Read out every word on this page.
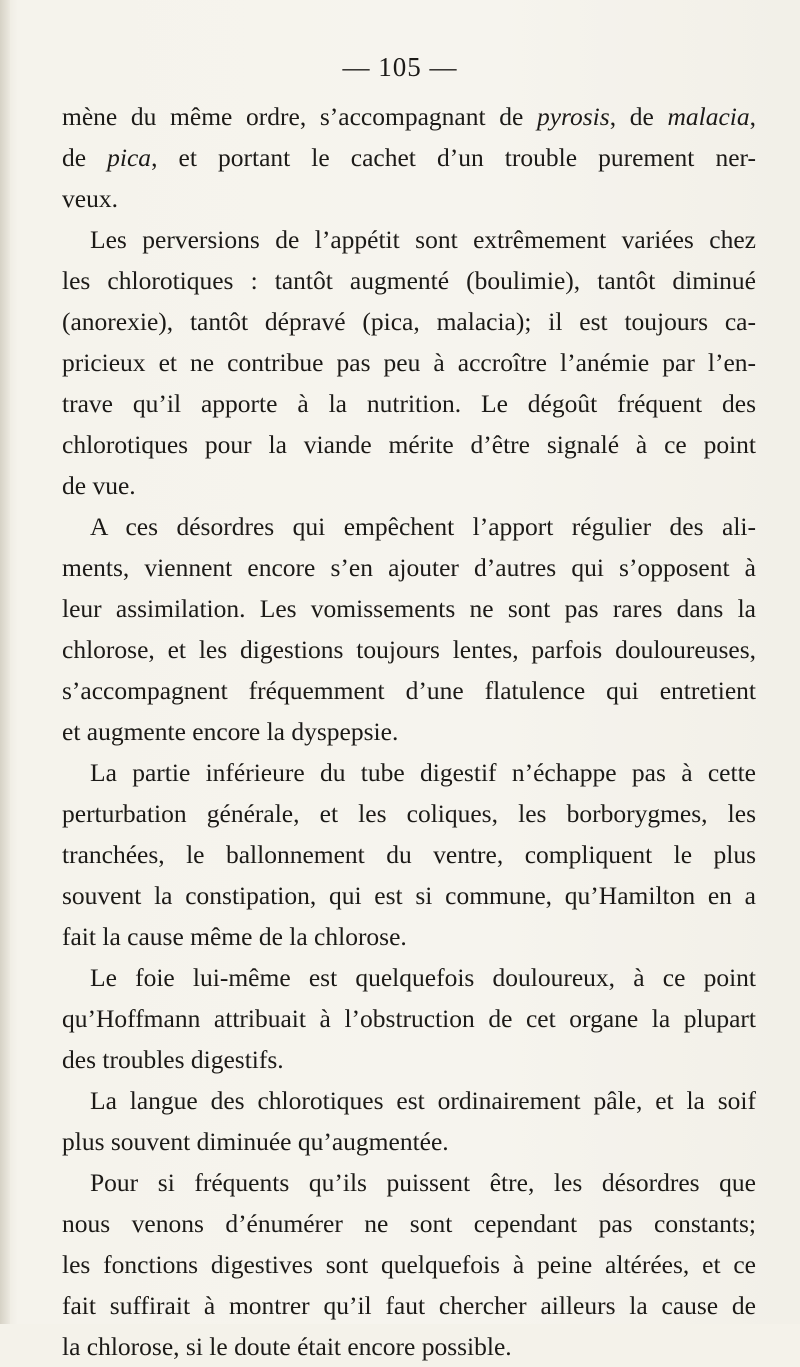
— 105 —
mène du même ordre, s’accompagnant de pyrosis, de malacia,
de pica, et portant le cachet d’un trouble purement ner-
veux.
Les perversions de l’appétit sont extrêmement variées chez
les chlorotiques : tantôt augmenté (boulimie), tantôt diminué
(anorexie), tantôt dépravé (pica, malacia); il est toujours ca-
pricieux et ne contribue pas peu à accroître l’anémie par l’en-
trave qu’il apporte à la nutrition. Le dégoût fréquent des
chlorotiques pour la viande mérite d’être signalé à ce point
de vue.
A ces désordres qui empêchent l’apport régulier des ali-
ments, viennent encore s’en ajouter d’autres qui s’opposent à
leur assimilation. Les vomissements ne sont pas rares dans la
chlorose, et les digestions toujours lentes, parfois douloureuses,
s’accompagnent fréquemment d’une flatulence qui entretient
et augmente encore la dyspepsie.
La partie inférieure du tube digestif n’échappe pas à cette
perturbation générale, et les coliques, les borborygmes, les
tranchées, le ballonnement du ventre, compliquent le plus
souvent la constipation, qui est si commune, qu’Hamilton en a
fait la cause même de la chlorose.
Le foie lui-même est quelquefois douloureux, à ce point
qu’Hoffmann attribuait à l’obstruction de cet organe la plupart
des troubles digestifs.
La langue des chlorotiques est ordinairement pâle, et la soif
plus souvent diminuée qu’augmentée.
Pour si fréquents qu’ils puissent être, les désordres que
nous venons d’énumérer ne sont cependant pas constants;
les fonctions digestives sont quelquefois à peine altérées, et ce
fait suffirait à montrer qu’il faut chercher ailleurs la cause de
la chlorose, si le doute était encore possible.
